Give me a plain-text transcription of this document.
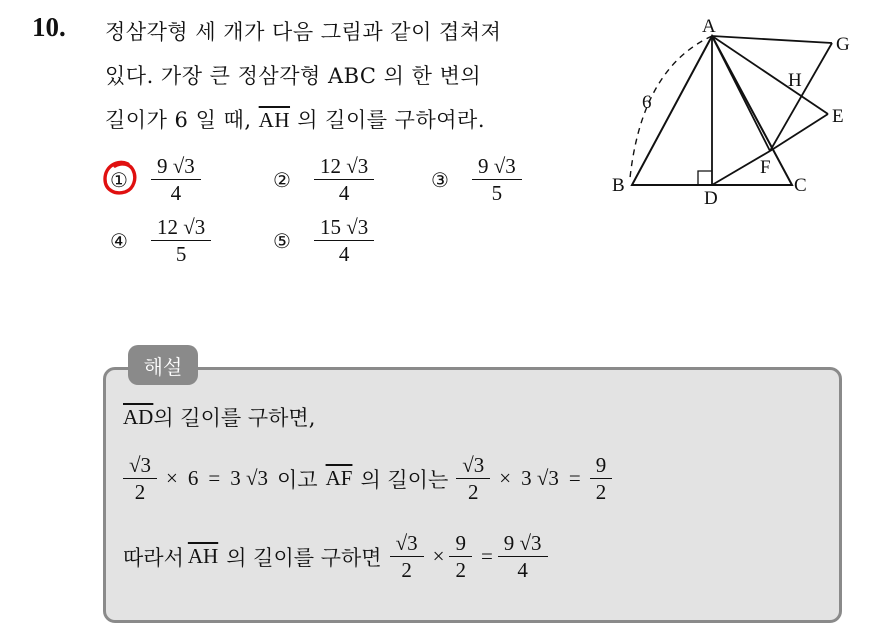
10. 정삼각형 세 개가 다음 그림과 같이 겹쳐져
있다. 가장 큰 정삼각형 ABC 의 한 변의
길이가 6 일 때, $\overline{AH}$ 의 길이를 구하여라.
A
G
H
E
6
F
B	C
D
① $\frac{9 √3}{4}$	② $\frac{12 √3}{4}$	③ $\frac{9 √3}{5}$
④ $\frac{12 √3}{5}$	⑤ $\frac{15 √3}{4}$
해설
$\overline{AD}$ 의 길이를 구하면,
$\frac{√3}{2} \times 6 = 3$ √3 이고 $\overline{AF}$ 의 길이는 $\frac{√3}{2} \times 3$ $√3 = \frac{9}{2}$
따라서 $\overline{AH}$ 의 길이를 구하면 $\frac{√3}{2} \times \frac{9}{2} = \frac{9 √3}{4}$
